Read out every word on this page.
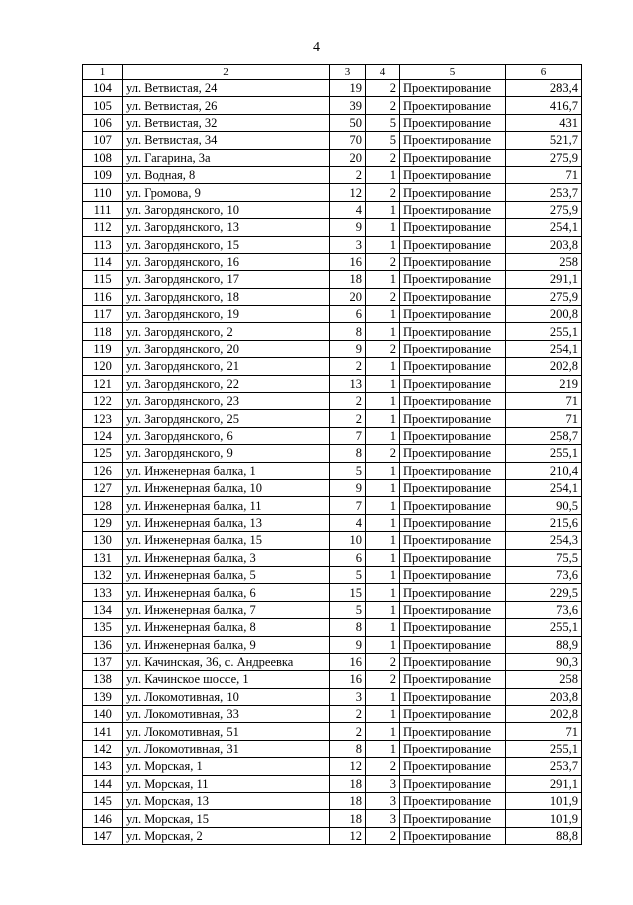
4
1	2	3	4	5	6
104	ул. Ветвистая, 24	19	2	Проектирование	283,4
105	ул. Ветвистая, 26	39	2	Проектирование	416,7
106	ул. Ветвистая, 32	50	5	Проектирование	431
107	ул. Ветвистая, 34	70	5	Проектирование	521,7
108	ул. Гагарина, 3а	20	2	Проектирование	275,9
109	ул. Водная, 8	2	1	Проектирование	71
110	ул. Громова, 9	12	2	Проектирование	253,7
111	ул. Загордянского, 10	4	1	Проектирование	275,9
112	ул. Загордянского, 13	9	1	Проектирование	254,1
113	ул. Загордянского, 15	3	1	Проектирование	203,8
114	ул. Загордянского, 16	16	2	Проектирование	258
115	ул. Загордянского, 17	18	1	Проектирование	291,1
116	ул. Загордянского, 18	20	2	Проектирование	275,9
117	ул. Загордянского, 19	6	1	Проектирование	200,8
118	ул. Загордянского, 2	8	1	Проектирование	255,1
119	ул. Загордянского, 20	9	2	Проектирование	254,1
120	ул. Загордянского, 21	2	1	Проектирование	202,8
121	ул. Загордянского, 22	13	1	Проектирование	219
122	ул. Загордянского, 23	2	1	Проектирование	71
123	ул. Загордянского, 25	2	1	Проектирование	71
124	ул. Загордянского, 6	7	1	Проектирование	258,7
125	ул. Загордянского, 9	8	2	Проектирование	255,1
126	ул. Инженерная балка, 1	5	1	Проектирование	210,4
127	ул. Инженерная балка, 10	9	1	Проектирование	254,1
128	ул. Инженерная балка, 11	7	1	Проектирование	90,5
129	ул. Инженерная балка, 13	4	1	Проектирование	215,6
130	ул. Инженерная балка, 15	10	1	Проектирование	254,3
131	ул. Инженерная балка, 3	6	1	Проектирование	75,5
132	ул. Инженерная балка, 5	5	1	Проектирование	73,6
133	ул. Инженерная балка, 6	15	1	Проектирование	229,5
134	ул. Инженерная балка, 7	5	1	Проектирование	73,6
135	ул. Инженерная балка, 8	8	1	Проектирование	255,1
136	ул. Инженерная балка, 9	9	1	Проектирование	88,9
137	ул. Качинская, 36, с. Андреевка	16	2	Проектирование	90,3
138	ул. Качинское шоссе, 1	16	2	Проектирование	258
139	ул. Локомотивная, 10	3	1	Проектирование	203,8
140	ул. Локомотивная, 33	2	1	Проектирование	202,8
141	ул. Локомотивная, 51	2	1	Проектирование	71
142	ул. Локомотивная, 31	8	1	Проектирование	255,1
143	ул. Морская, 1	12	2	Проектирование	253,7
144	ул. Морская, 11	18	3	Проектирование	291,1
145	ул. Морская, 13	18	3	Проектирование	101,9
146	ул. Морская, 15	18	3	Проектирование	101,9
147	ул. Морская, 2	12	2	Проектирование	88,8
